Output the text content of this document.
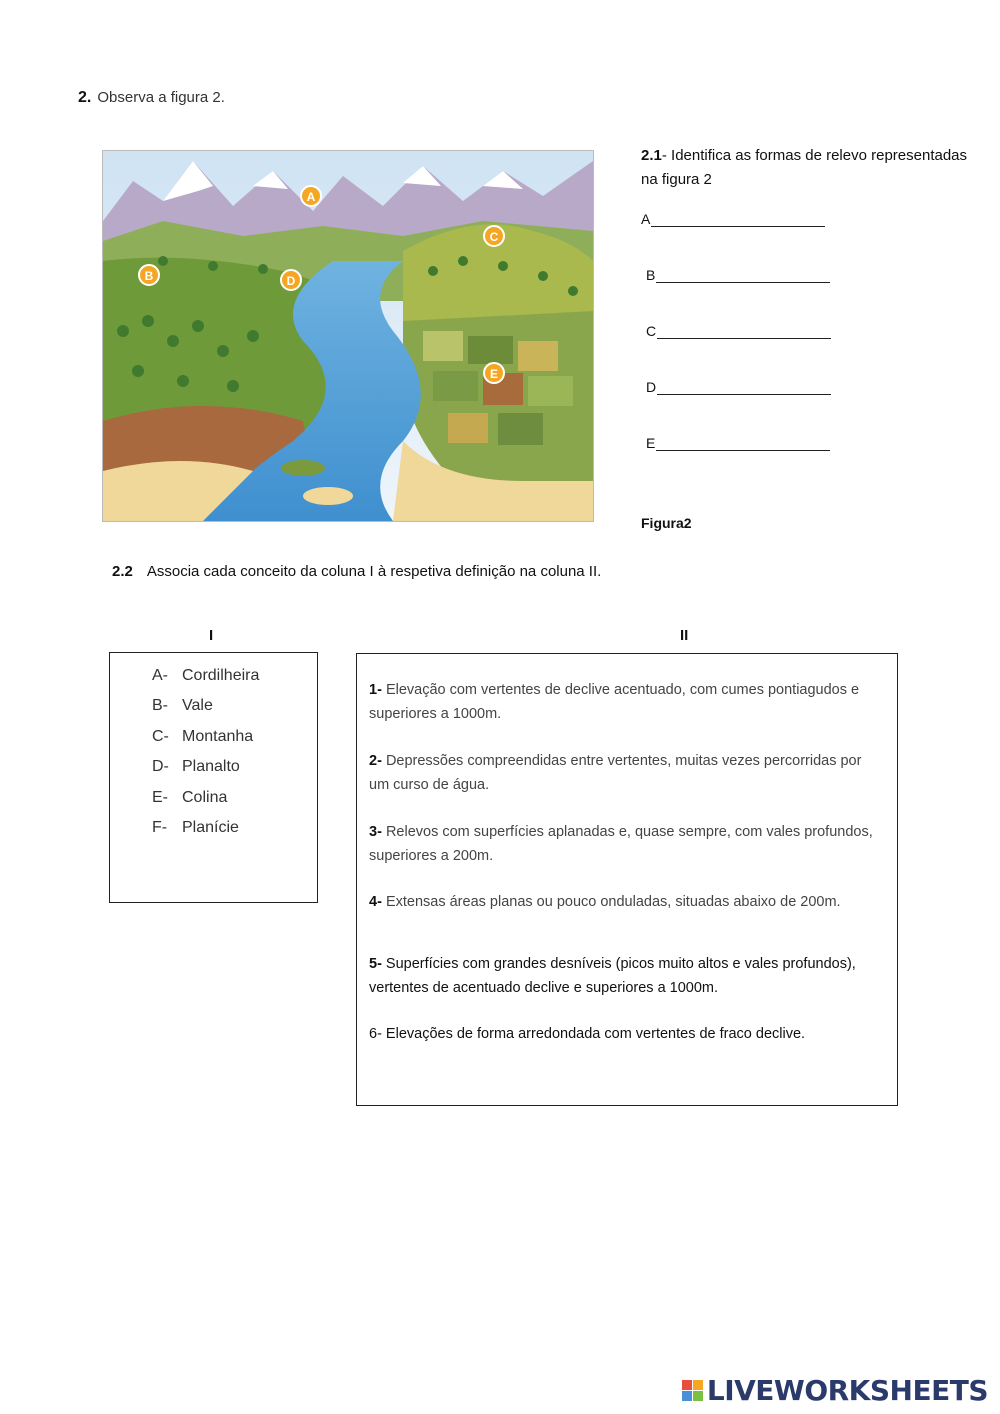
2. Observa a figura 2.
A
B
C
D
E
2.1- Identifica as formas de relevo representadas na figura 2
A
B
C
D
E
Figura2
2.2 Associa cada conceito da coluna I à respetiva definição na coluna II.
I	II
A- Cordilheira
B- Vale
C- Montanha
D- Planalto
E- Colina
F- Planície
1- Elevação com vertentes de declive acentuado, com cumes pontiagudos e superiores a 1000m.
2- Depressões compreendidas entre vertentes, muitas vezes percorridas por um curso de água.
3- Relevos com superfícies aplanadas e, quase sempre, com vales profundos, superiores a 200m.
4- Extensas áreas planas ou pouco onduladas, situadas abaixo de 200m.
5- Superfícies com grandes desníveis (picos muito altos e vales profundos), vertentes de acentuado declive e superiores a 1000m.
6- Elevações de forma arredondada com vertentes de fraco declive.
LIVEWORKSHEETS
